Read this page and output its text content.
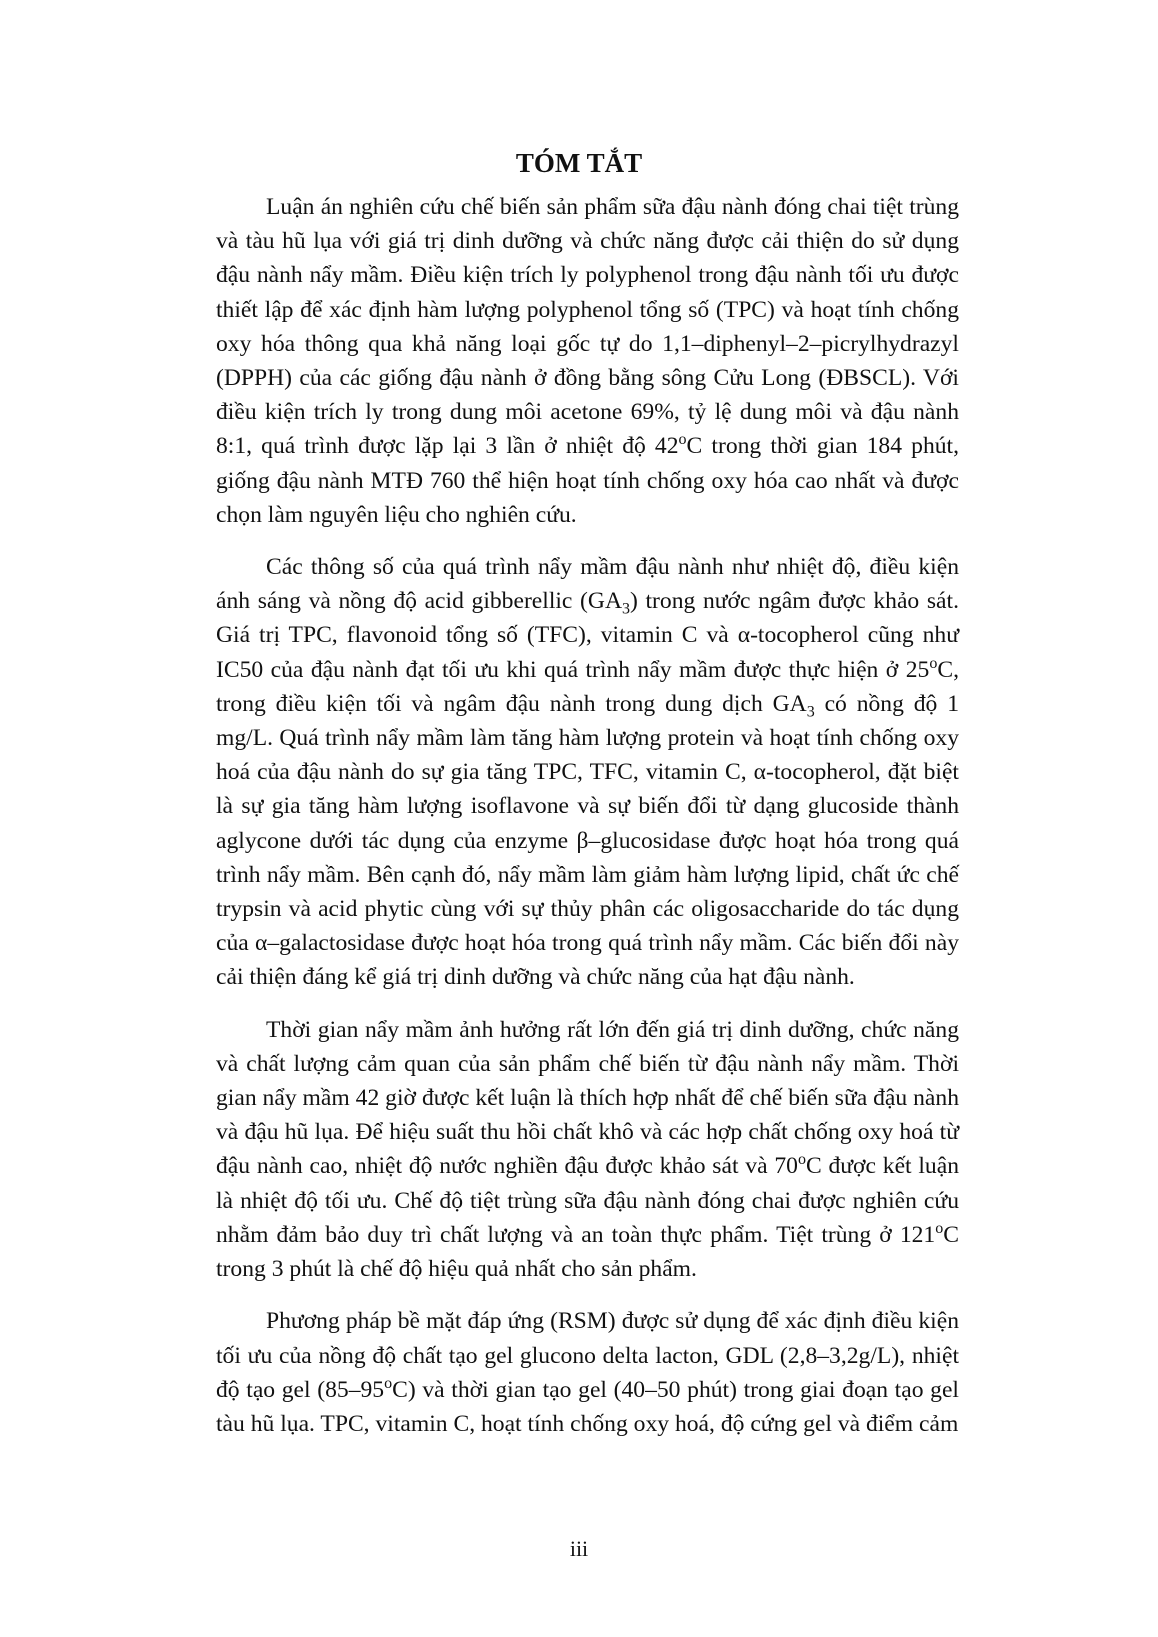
TÓM TẮT

Luận án nghiên cứu chế biến sản phẩm sữa đậu nành đóng chai tiệt trùng và tàu hũ lụa với giá trị dinh dưỡng và chức năng được cải thiện do sử dụng đậu nành nẩy mầm. Điều kiện trích ly polyphenol trong đậu nành tối ưu được thiết lập để xác định hàm lượng polyphenol tổng số (TPC) và hoạt tính chống oxy hóa thông qua khả năng loại gốc tự do 1,1–diphenyl–2–picrylhydrazyl (DPPH) của các giống đậu nành ở đồng bằng sông Cửu Long (ĐBSCL). Với điều kiện trích ly trong dung môi acetone 69%, tỷ lệ dung môi và đậu nành 8:1, quá trình được lặp lại 3 lần ở nhiệt độ 42$^o$C trong thời gian 184 phút, giống đậu nành MTĐ 760 thể hiện hoạt tính chống oxy hóa cao nhất và được chọn làm nguyên liệu cho nghiên cứu.

Các thông số của quá trình nẩy mầm đậu nành như nhiệt độ, điều kiện ánh sáng và nồng độ acid gibberellic $(GA_3)$ trong nước ngâm được khảo sát. Giá trị TPC, flavonoid tổng số (TFC), vitamin C và α-tocopherol cũng như IC50 của đậu nành đạt tối ưu khi quá trình nẩy mầm được thực hiện ở 25$^o$C, trong điều kiện tối và ngâm đậu nành trong dung dịch $GA_3$ có nồng độ 1 mg/L. Quá trình nẩy mầm làm tăng hàm lượng protein và hoạt tính chống oxy hoá của đậu nành do sự gia tăng TPC, TFC, vitamin C, α-tocopherol, đặt biệt là sự gia tăng hàm lượng isoflavone và sự biến đổi từ dạng glucoside thành aglycone dưới tác dụng của enzyme β–glucosidase được hoạt hóa trong quá trình nẩy mầm. Bên cạnh đó, nẩy mầm làm giảm hàm lượng lipid, chất ức chế trypsin và acid phytic cùng với sự thủy phân các oligosaccharide do tác dụng của α–galactosidase được hoạt hóa trong quá trình nẩy mầm. Các biến đổi này cải thiện đáng kể giá trị dinh dưỡng và chức năng của hạt đậu nành.

Thời gian nẩy mầm ảnh hưởng rất lớn đến giá trị dinh dưỡng, chức năng và chất lượng cảm quan của sản phẩm chế biến từ đậu nành nẩy mầm. Thời gian nẩy mầm 42 giờ được kết luận là thích hợp nhất để chế biến sữa đậu nành và đậu hũ lụa. Để hiệu suất thu hồi chất khô và các hợp chất chống oxy hoá từ đậu nành cao, nhiệt độ nước nghiền đậu được khảo sát và 70$^o$C được kết luận là nhiệt độ tối ưu. Chế độ tiệt trùng sữa đậu nành đóng chai được nghiên cứu nhằm đảm bảo duy trì chất lượng và an toàn thực phẩm. Tiệt trùng ở 121$^o$C trong 3 phút là chế độ hiệu quả nhất cho sản phẩm.

Phương pháp bề mặt đáp ứng (RSM) được sử dụng để xác định điều kiện tối ưu của nồng độ chất tạo gel glucono delta lacton, GDL (2,8–3,2g/L), nhiệt độ tạo gel (85–95$^o$C) và thời gian tạo gel (40–50 phút) trong giai đoạn tạo gel tàu hũ lụa. TPC, vitamin C, hoạt tính chống oxy hoá, độ cứng gel và điểm cảm

iii
